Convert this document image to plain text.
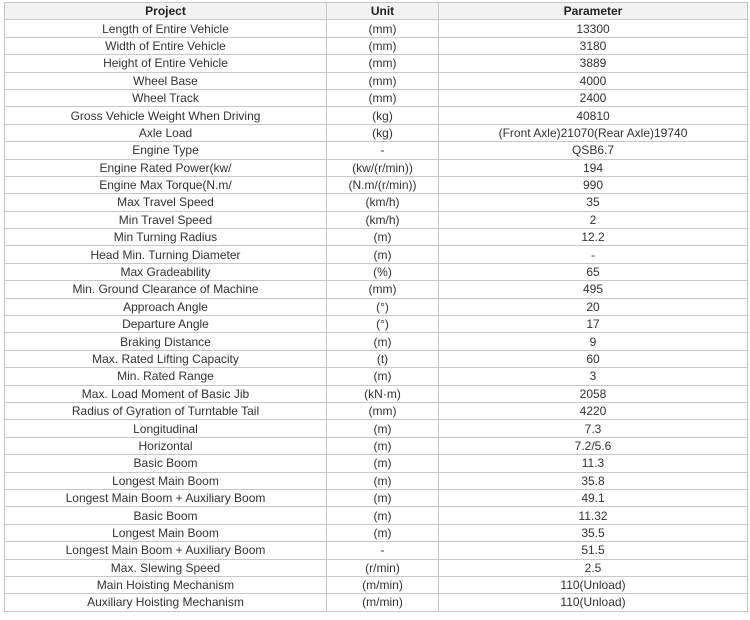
Project	Unit	Parameter
Length of Entire Vehicle	(mm)	13300
Width of Entire Vehicle	(mm)	3180
Height of Entire Vehicle	(mm)	3889
Wheel Base	(mm)	4000
Wheel Track	(mm)	2400
Gross Vehicle Weight When Driving	(kg)	40810
Axle Load	(kg)	(Front Axle)21070(Rear Axle)19740
Engine Type	-	QSB6.7
Engine Rated Power(kw/	(kw/(r/min))	194
Engine Max Torque(N.m/	(N.m/(r/min))	990
Max Travel Speed	(km/h)	35
Min Travel Speed	(km/h)	2
Min Turning Radius	(m)	12.2
Head Min. Turning Diameter	(m)	-
Max Gradeability	(%)	65
Min. Ground Clearance of Machine	(mm)	495
Approach Angle	(°)	20
Departure Angle	(°)	17
Braking Distance	(m)	9
Max. Rated Lifting Capacity	(t)	60
Min. Rated Range	(m)	3
Max. Load Moment of Basic Jib	(kN·m)	2058
Radius of Gyration of Turntable Tail	(mm)	4220
Longitudinal	(m)	7.3
Horizontal	(m)	7.2/5.6
Basic Boom	(m)	11.3
Longest Main Boom	(m)	35.8
Longest Main Boom + Auxiliary Boom	(m)	49.1
Basic Boom	(m)	11.32
Longest Main Boom	(m)	35.5
Longest Main Boom + Auxiliary Boom	-	51.5
Max. Slewing Speed	(r/min)	2.5
Main Hoisting Mechanism	(m/min)	110(Unload)
Auxiliary Hoisting Mechanism	(m/min)	110(Unload)
